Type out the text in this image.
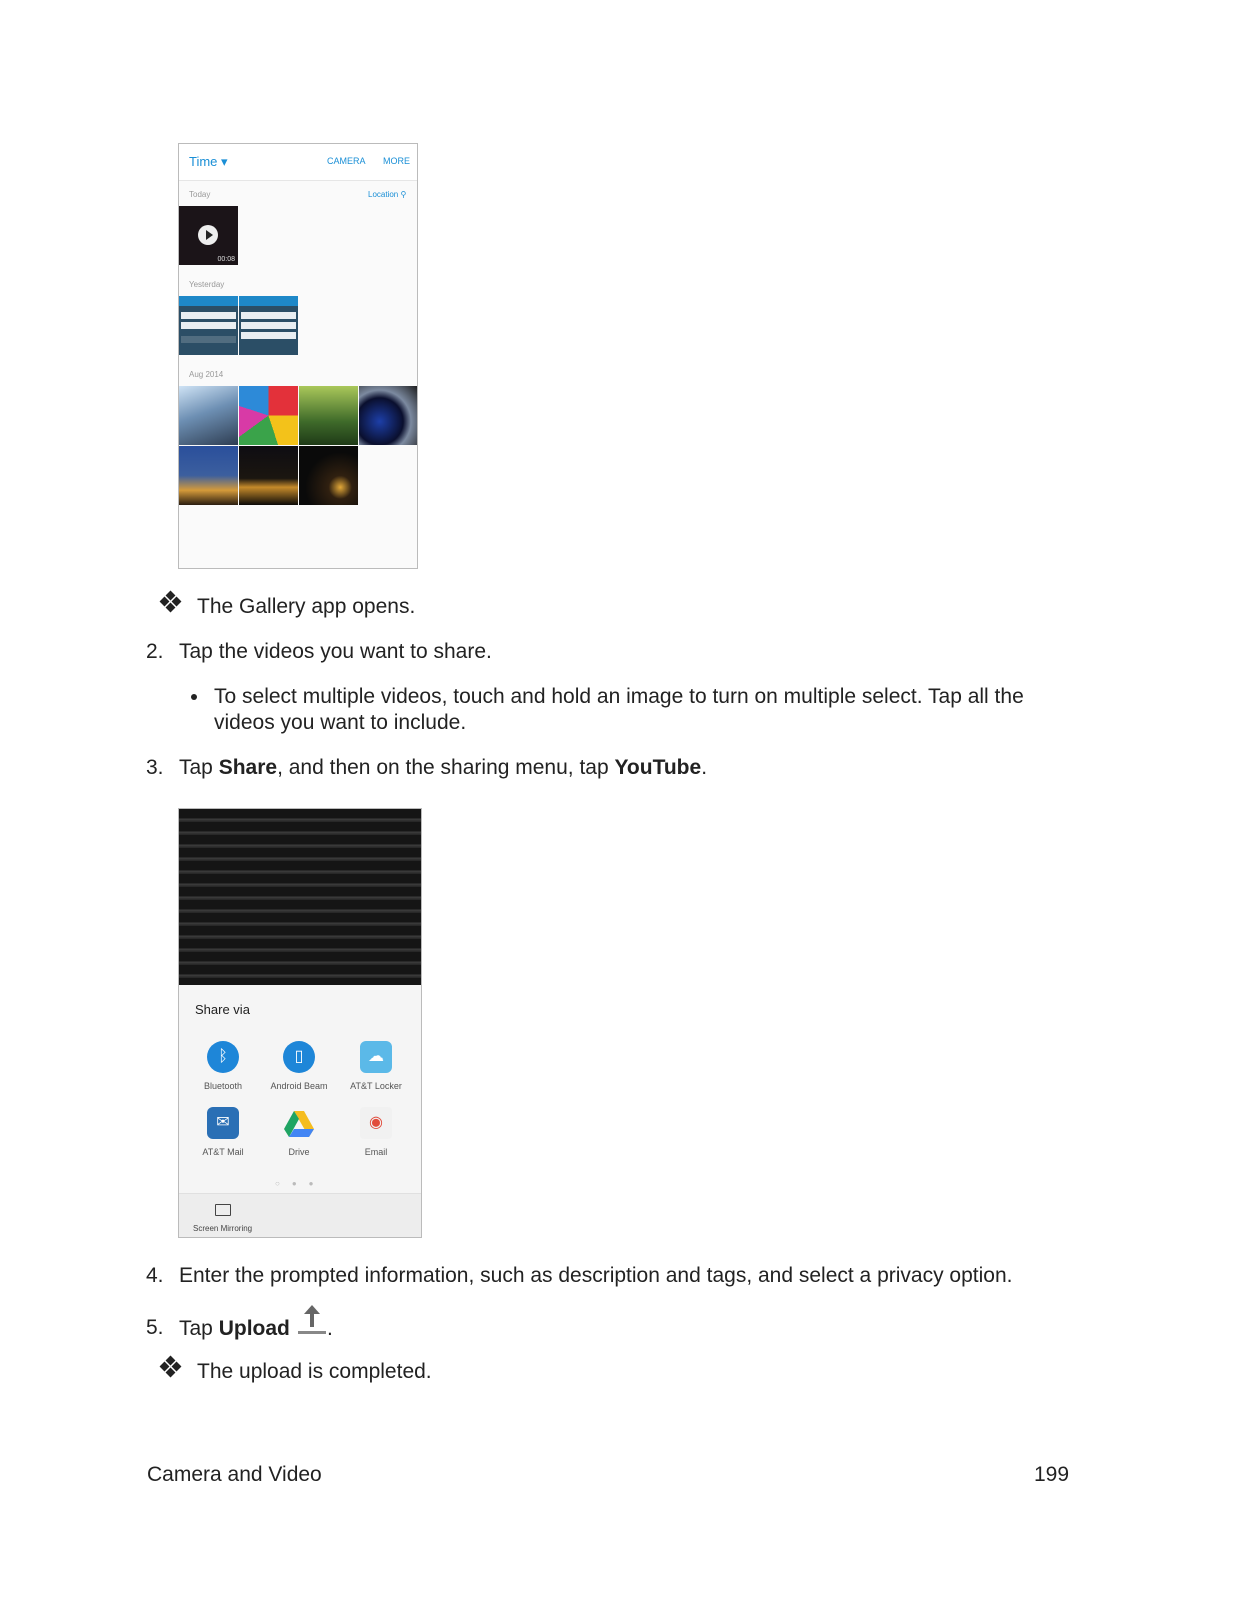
Time ▾	CAMERA MORE
Today	Location ⚲
00:08
Yesterday
Aug 2014
The Gallery app opens.
2. Tap the videos you want to share.
To select multiple videos, touch and hold an image to turn on multiple select. Tap all the
videos you want to include.
3. Tap Share, and then on the sharing menu, tap YouTube.
Share via
ᛒ
Bluetooth
▯
Android Beam
☁
AT&T Locker
✉
AT&T Mail	Drive
◉
Email
○●●
Screen Mirroring
4. Enter the prompted information, such as description and tags, and select a privacy option.
5. Tap Upload .
The upload is completed.
Camera and Video	199
